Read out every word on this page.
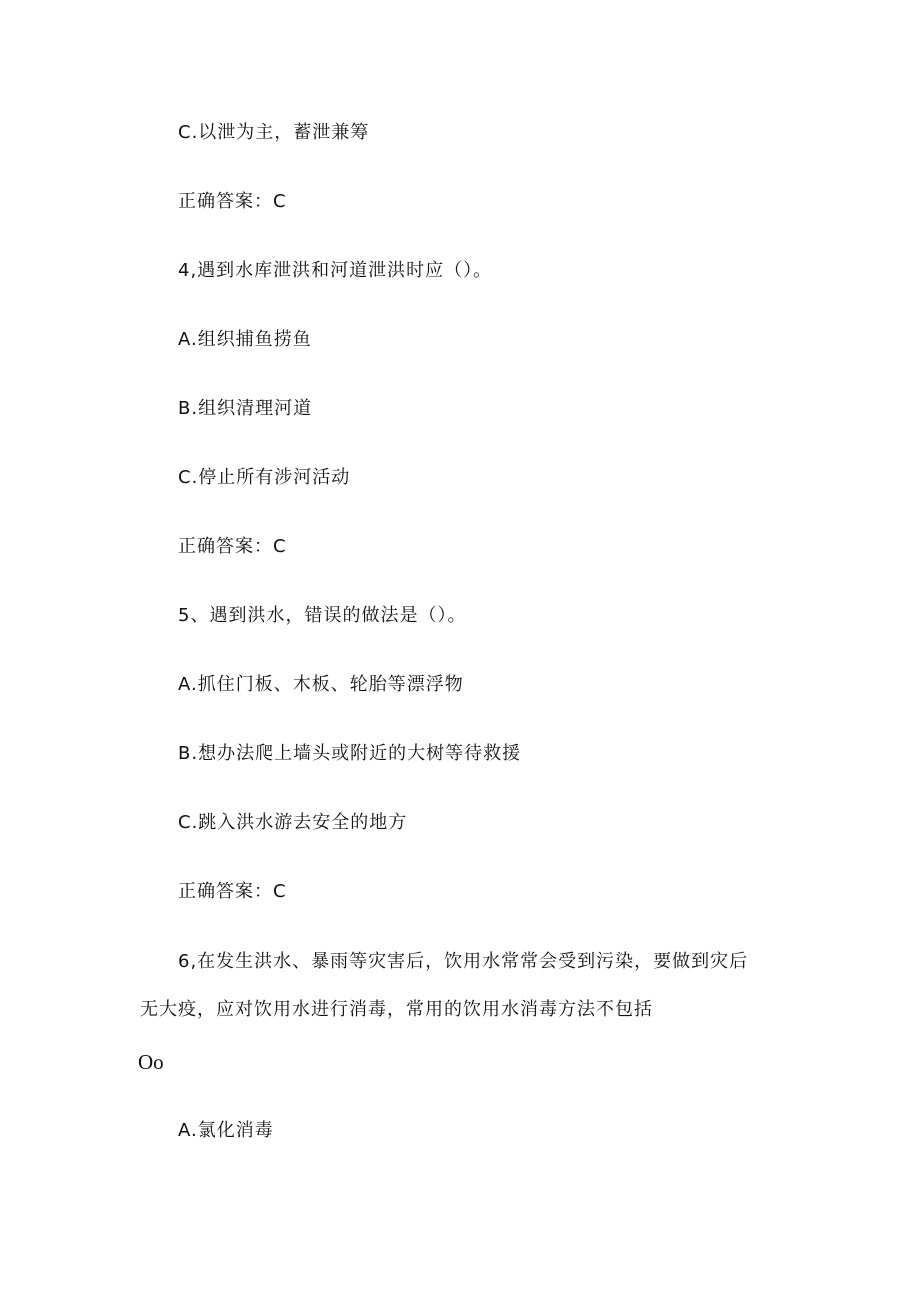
C.以泄为主，蓄泄兼筹
正确答案：C
4,遇到水库泄洪和河道泄洪时应（）。
A.组织捕鱼捞鱼
B.组织清理河道
C.停止所有涉河活动
正确答案：C
5、遇到洪水，错误的做法是（）。
A.抓住门板、木板、轮胎等漂浮物
B.想办法爬上墙头或附近的大树等待救援
C.跳入洪水游去安全的地方
正确答案：C
6,在发生洪水、暴雨等灾害后，饮用水常常会受到污染，要做到灾后
无大疫，应对饮用水进行消毒，常用的饮用水消毒方法不包括
Oo
A.氯化消毒
